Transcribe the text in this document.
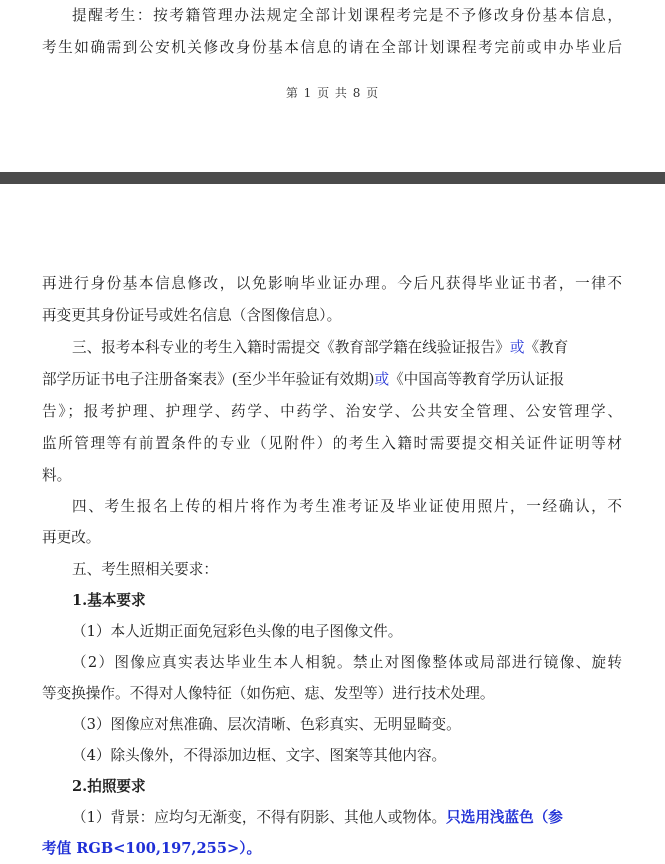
提醒考生：按考籍管理办法规定全部计划课程考完是不予修改身份基本信息，
考生如确需到公安机关修改身份基本信息的请在全部计划课程考完前或申办毕业后
第 1 页 共 8 页
再进行身份基本信息修改，以免影响毕业证办理。今后凡获得毕业证书者，一律不
再变更其身份证号或姓名信息（含图像信息）。
三、报考本科专业的考生入籍时需提交《教育部学籍在线验证报告》或《教育
部学历证书电子注册备案表》(至少半年验证有效期)或《中国高等教育学历认证报
告》；报考护理、护理学、药学、中药学、治安学、公共安全管理、公安管理学、
监所管理等有前置条件的专业（见附件）的考生入籍时需要提交相关证件证明等材
料。
四、考生报名上传的相片将作为考生准考证及毕业证使用照片，一经确认，不
再更改。
五、考生照相关要求：
1.基本要求
（1）本人近期正面免冠彩色头像的电子图像文件。
（2）图像应真实表达毕业生本人相貌。禁止对图像整体或局部进行镜像、旋转
等变换操作。不得对人像特征（如伤疤、痣、发型等）进行技术处理。
（3）图像应对焦准确、层次清晰、色彩真实、无明显畸变。
（4）除头像外，不得添加边框、文字、图案等其他内容。
2.拍照要求
（1）背景：应均匀无渐变，不得有阴影、其他人或物体。只选用浅蓝色（参
考值 RGB<100,197,255>）。
